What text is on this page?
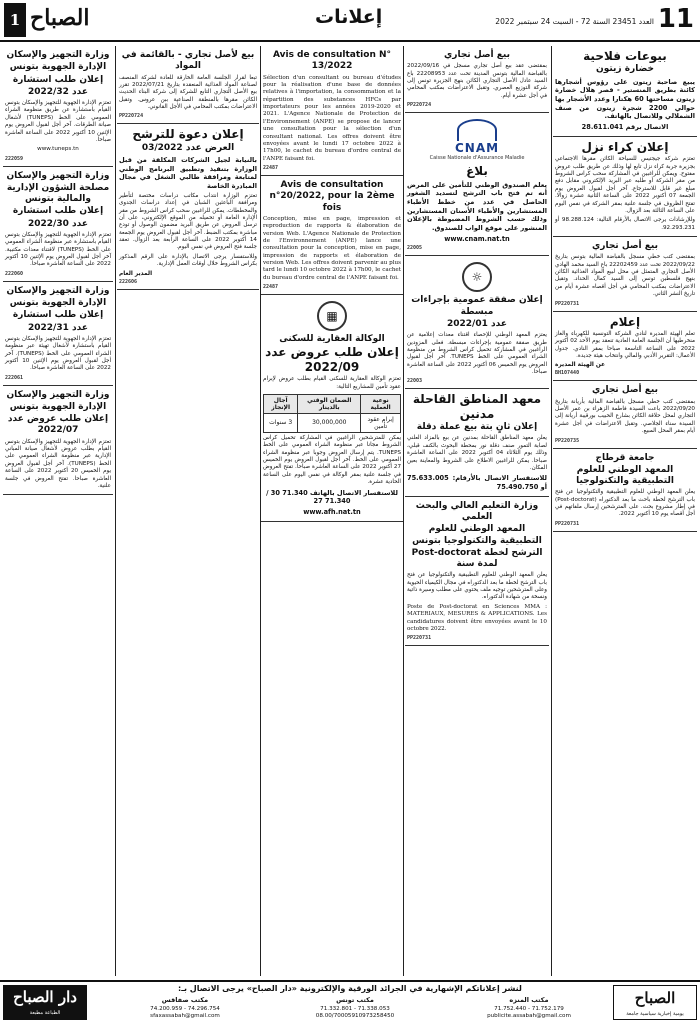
11
العدد 23451 السنة 72 - السبت 24 سبتمبر 2022
إعلانات
1 الصباح
بيوعات فلاحية
خضارة زيتون

يبيع صاحبة زيتون على رؤوس أشجارها كائنة بطريق المنستير - قصر هلال خضارة زيتون مساحتها 60 هكتارا وعدد الأشجار بها حوالي 2200 شجرة زيتون من صنف الشملالي وللاتصال بالهاتف.

الاتصال برقم 28.611.041

إعلان كراء نزل

تعتزم شركة جيجتيس للسياحة الكائن مقرها الاجتماعي بجزيرة جربة كراء نزل تابع لها وذلك عن طريق طلب عروض مفتوح. ويمكن للراغبين في المشاركة سحب كراس الشروط من مقر الشركة أو طلبه عبر البريد الإلكتروني مقابل دفع مبلغ غير قابل للاسترجاع. آخر أجل لقبول العروض يوم الجمعة 07 أكتوبر 2022 على الساعة الثانية عشرة زوالا. تفتح الظروف في جلسة علنية بمقر الشركة في نفس اليوم على الساعة الثالثة بعد الزوال.

وللإرشادات يرجى الاتصال بالأرقام التالية: 98.288.124 أو 92.293.231.

بيع أصل تجاري

بمقتضى كتب خطي مسجل بالقباضة المالية بتونس بتاريخ 2022/09/22 تحت عدد 22202459 باع السيد محمد الهادي الأصل التجاري المتمثل في محل لبيع المواد الغذائية الكائن بنهج فلسطين تونس إلى السيد كمال الحداد. وتقبل الاعتراضات بمكتب المحامي في أجل أقصاه عشرة أيام من تاريخ النشر الثاني.

PP220731
إعلام

تعلم الهيئة المديرة لنادي الشركة التونسية للكهرباء والغاز منخرطيها أن الجلسة العامة العادية تنعقد يوم الأحد 02 أكتوبر 2022 على الساعة التاسعة صباحا بمقر النادي. جدول الأعمال: التقرير الأدبي والمالي وانتخاب هيئة جديدة.

عن الهيئة المديرة
BH107440
بيع أصل تجاري

بمقتضى كتب خطي مسجل بالقباضة المالية بأريانة بتاريخ 2022/09/20 باعت السيدة فاطمة الزهراء بن عمر الأصل التجاري لمحل حلاقة الكائن بشارع الحبيب بورقيبة أريانة إلى السيدة سناء الجلاصي. وتقبل الاعتراضات في أجل عشرة أيام بمقر المحل المبيع.

PP220735
جامعة قرطاج
المعهد الوطني للعلوم التطبيقية والتكنولوجيا

يعلن المعهد الوطني للعلوم التطبيقية والتكنولوجيا عن فتح باب الترشح لخطة باحث ما بعد الدكتوراه (Post-doctorat) في إطار مشروع بحث. على المترشحين إرسال ملفاتهم في أجل أقصاه يوم 10 أكتوبر 2022.

PP220731
بيع أصل تجاري

بمقتضى عقد بيع أصل تجاري مسجل في 2022/09/16 بالقباضة المالية بتونس المدينة تحت عدد 22208953 باع السيد عادل الأصل التجاري الكائن بنهج الجزيرة تونس إلى شركة التوزيع العصري. وتقبل الاعتراضات بمكتب المحامي في أجل عشرة أيام.

PP220724
CNAM
Caisse Nationale d'Assurance Maladie
بلاغ

يعلم الصندوق الوطني للتأمين على المرض أنه تم فتح باب الترشح لتسديد الشغور الحاصل في عدد من خطط الأطباء المستشارين والأطباء الأسنان المستشارين وذلك حسب الشروط المضبوطة بالإعلان المنشور على موقع الواب للصندوق.

www.cnam.nat.tn

22005
☼
إعلان صفقة عمومية بإجراءات مبسطة
عدد 2022/01

يعتزم المعهد الوطني للإحصاء اقتناء معدات إعلامية عن طريق صفقة عمومية بإجراءات مبسطة. فعلى المزودين الراغبين في المشاركة تحميل كراس الشروط من منظومة الشراء العمومي على الخط TUNEPS. آخر أجل لقبول العروض يوم الخميس 06 أكتوبر 2022 على الساعة العاشرة صباحا.

22003
معهد المناطق القاحلة مدنين
إعلان ثانٍ بتة بيع عملة دقلة

يعلن معهد المناطق القاحلة بمدنين عن بيع بالمزاد العلني لصابة التمور صنف دقلة نور بمحطة البحوث بالكنف قبلي، وذلك يوم الثلاثاء 04 أكتوبر 2022 على الساعة العاشرة صباحا. يمكن للراغبين الاطلاع على الشروط والمعاينة بعين المكان.

للاستفسار الاتصال بالأرقام: 75.633.005 أو 75.490.750

وزارة التعليم العالي والبحث العلمي
المعهد الوطني للعلوم التطبيقية والتكنولوجيا بتونس
الترشح لخطة Post-doctorat لمدة سنة

يعلن المعهد الوطني للعلوم التطبيقية والتكنولوجيا عن فتح باب الترشح لخطة ما بعد الدكتوراه في مجال الكيمياء الحيوية وعلى المترشحين توجيه ملف يحتوي على مطلب وسيرة ذاتية ونسخة من شهادة الدكتوراه.

Poste de Post-doctorat en Sciences MMA : MATERIAUX, MESURES & APPLICATIONS. Les candidatures doivent être envoyées avant le 10 octobre 2022.

PP220731
Avis de consultation N° 13/2022

Sélection d'un consultant ou bureau d'études pour la réalisation d'une base de données relatives à l'importation, la consommation et la répartition des substances HFCs par importateurs pour les années 2019-2020 et 2021. L'Agence Nationale de Protection de l'Environnement (ANPE) se propose de lancer une consultation pour la sélection d'un consultant national. Les offres doivent être envoyées avant le lundi 17 octobre 2022 à 17h00, le cachet du bureau d'ordre central de l'ANPE faisant foi.

22487
Avis de consultation n°20/2022, pour la 2ème fois

Conception, mise en page, impression et reproduction de rapports & élaboration de version Web. L'Agence Nationale de Protection de l'Environnement (ANPE) lance une consultation pour la conception, mise en page, impression de rapports et élaboration de version Web. Les offres doivent parvenir au plus tard le lundi 10 octobre 2022 à 17h00, le cachet du bureau d'ordre central de l'ANPE faisant foi.

22487
▦
الوكالة العقارية للسكنى
إعلان طلب عروض عدد 2022/09

تعتزم الوكالة العقارية للسكنى القيام بطلب عروض لإبرام عقود تأمين للمشاريع التالية:

نوعية العملية	الضمان الوقتي بالدينار	آجال الإنجاز
إبرام عقود تأمين	30,000,000	3 سنوات

يمكن للمترشحين الراغبين في المشاركة تحميل كراس الشروط مجانا عبر منظومة الشراء العمومي على الخط TUNEPS. يتم إرسال العروض وجوبا عبر منظومة الشراء العمومي على الخط. آخر أجل لقبول العروض يوم الخميس 27 أكتوبر 2022 على الساعة العاشرة صباحا. تفتح العروض في جلسة علنية بمقر الوكالة في نفس اليوم على الساعة الحادية عشرة.

للاستفسار الاتصال بالهاتف 71.340 30 / 71.340 27

www.afh.nat.tn

بيع لأصل تجاري - بالقائمة في المواد

تبعا لقرار الجلسة العامة الخارقة للعادة لشركة المنصف لصناعة المواد الغذائية المنعقدة بتاريخ 2022/07/21 تقرر بيع الأصل التجاري التابع للشركة إلى شركة البناء الحديث الكائن مقرها بالمنطقة الصناعية ببن عروس. وتقبل الاعتراضات بمكتب المحامي في الأجل القانوني.

PP220724
إعلان دعوة للترشح
العرض عدد 03/2022

بالنيابة لجيل الشركات المكلفة من قبل الوزارة بتنفيذ وتطبيق البرنامج الوطني لمتابعة ومرافقة طالبي الشغل في مجال المبادرة الخاصة

تعتزم الوزارة انتداب مكاتب دراسات مختصة لتأطير ومرافقة الباعثين الشبان في إعداد دراسات الجدوى والمخططات. يمكن للراغبين سحب كراس الشروط من مقر الإدارة العامة أو تحميله من الموقع الإلكتروني، على أن ترسل العروض عن طريق البريد مضمون الوصول أو تودع مباشرة بمكتب الضبط. آخر أجل لقبول العروض يوم الجمعة 14 أكتوبر 2022 على الساعة الرابعة بعد الزوال. تعقد جلسة فتح العروض في نفس اليوم.

وللاستفسار يرجى الاتصال بالإدارة على الرقم المذكور بكراس الشروط خلال أوقات العمل الإدارية.

المدير العام
222606
وزارة التجهيز والإسكان
الإدارة الجهوية بتونس
إعلان طلب استشارة
عدد 2022/32

تعتزم الإدارة الجهوية للتجهيز والإسكان بتونس القيام باستشارة عن طريق منظومة الشراء العمومي على الخط (TUNEPS) لأشغال صيانة الطرقات. آخر أجل لقبول العروض يوم الإثنين 10 أكتوبر 2022 على الساعة العاشرة صباحا.

www.tuneps.tn

222059
وزارة التجهيز والإسكان
مصلحة الشؤون الإدارية والمالية بتونس
إعلان طلب استشارة
عدد 2022/30

تعتزم الإدارة الجهوية للتجهيز والإسكان بتونس القيام باستشارة عبر منظومة الشراء العمومي على الخط (TUNEPS) لاقتناء معدات مكتبية. آخر أجل لقبول العروض يوم الإثنين 10 أكتوبر 2022 على الساعة العاشرة صباحا.

222060
وزارة التجهيز والإسكان
الإدارة الجهوية بتونس
إعلان طلب استشارة
عدد 2022/31

تعتزم الإدارة الجهوية للتجهيز والإسكان بتونس القيام باستشارة لأشغال تهيئة عبر منظومة الشراء العمومي على الخط (TUNEPS). آخر أجل لقبول العروض يوم الإثنين 10 أكتوبر 2022 على الساعة العاشرة صباحا.

222061
وزارة التجهيز والإسكان
الإدارة الجهوية بتونس
إعلان طلب عروض عدد 2022/07

تعتزم الإدارة الجهوية للتجهيز والإسكان بتونس القيام بطلب عروض لأشغال صيانة المباني الإدارية عبر منظومة الشراء العمومي على الخط (TUNEPS). آخر أجل لقبول العروض يوم الخميس 20 أكتوبر 2022 على الساعة العاشرة صباحا. تفتح العروض في جلسة علنية.

الصباح
يومية إخبارية سياسية جامعة
لنشر إعلاناتكم الإشهارية في الجرائد الورقية والإلكترونية «دار الصباح» يرجى الاتصال بـ:
مكتب المنزه
71.752.179 - 71.752.440
publicite.assabah@gmail.com
مكتب تونس
71.338.053 - 71.332.801
08.00/70005910973258450
مكتب صفاقس
74.296.754 - 74.200.959
sfaxassabah@gmail.com
دار الصباح
الطباعة مطبعة
